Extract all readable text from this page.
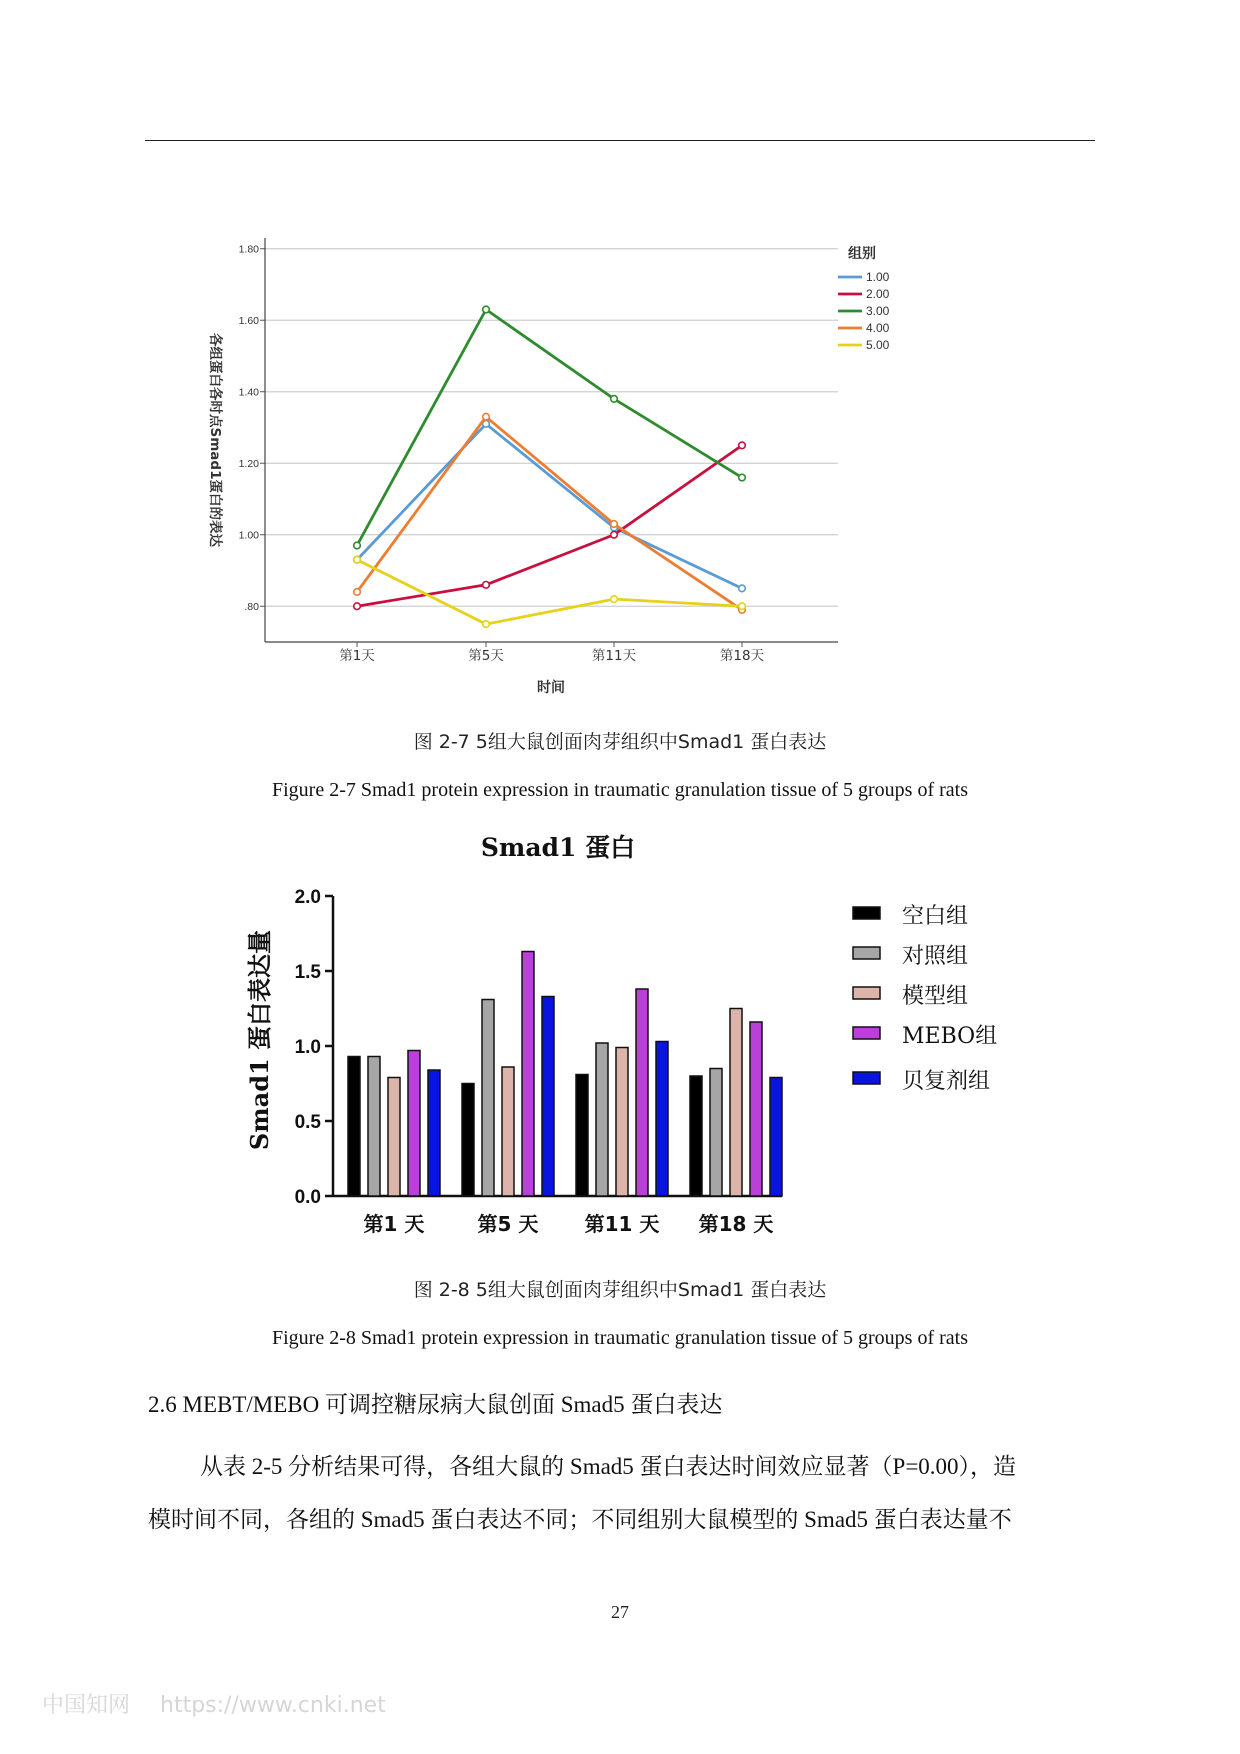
.80
1.00
1.20
1.40
1.60
1.80
第1天	第5天	第11天	第18天
时间
各组蛋白各时点Smad1蛋白的表达
组别
1.00
2.00
3.00
4.00
5.00
图 2-7 5组大鼠创面肉芽组织中Smad1 蛋白表达
Figure 2-7 Smad1 protein expression in traumatic granulation tissue of 5 groups of rats
Smad1 蛋白
0.0
0.5
1.0
1.5
2.0
Smad1 蛋白表达量
第1 天	第5 天 第11 天 第18 天
空白组
对照组
模型组
MEBO组
贝复剂组
图 2-8 5组大鼠创面肉芽组织中Smad1 蛋白表达
Figure 2-8 Smad1 protein expression in traumatic granulation tissue of 5 groups of rats
2.6 MEBT/MEBO 可调控糖尿病大鼠创面 Smad5 蛋白表达
从表 2-5 分析结果可得，各组大鼠的 Smad5 蛋白表达时间效应显著（P=0.00），造
模时间不同，各组的 Smad5 蛋白表达不同；不同组别大鼠模型的 Smad5 蛋白表达量不
27
中国知网 https://www.cnki.net
